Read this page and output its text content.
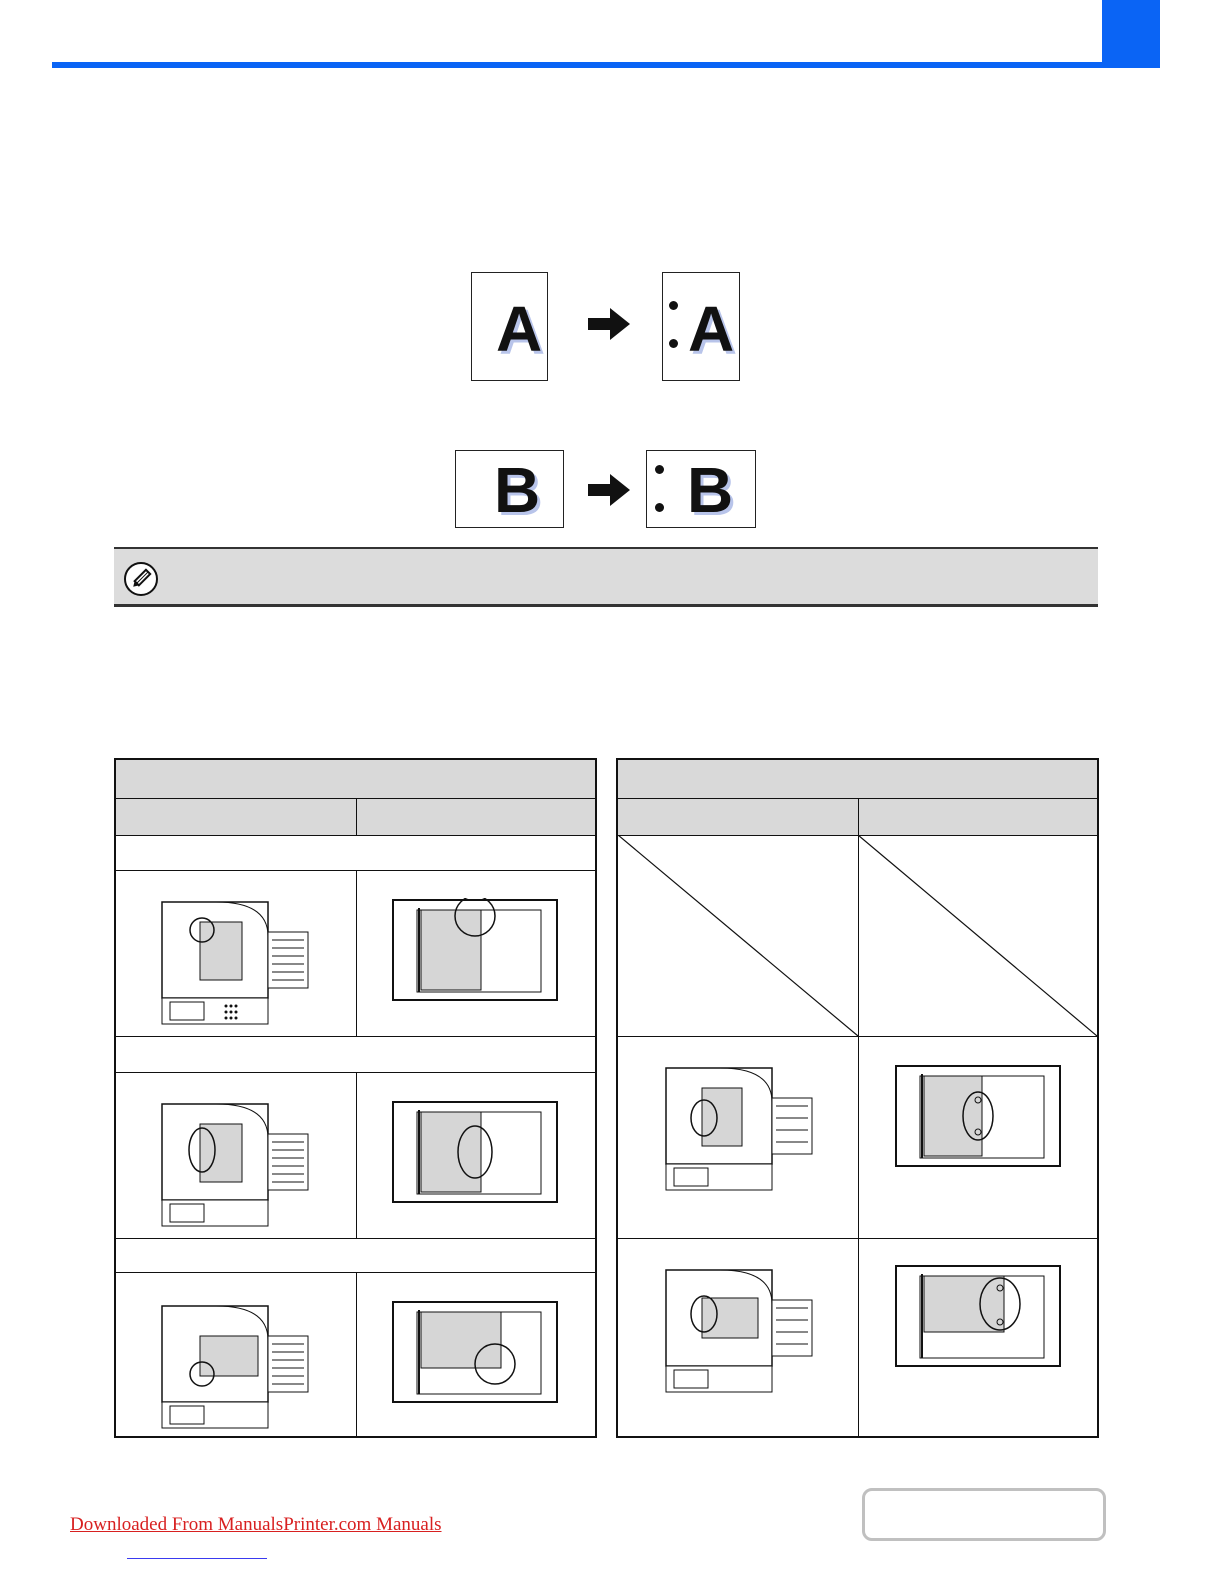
A A
B B
Downloaded From ManualsPrinter.com Manuals
